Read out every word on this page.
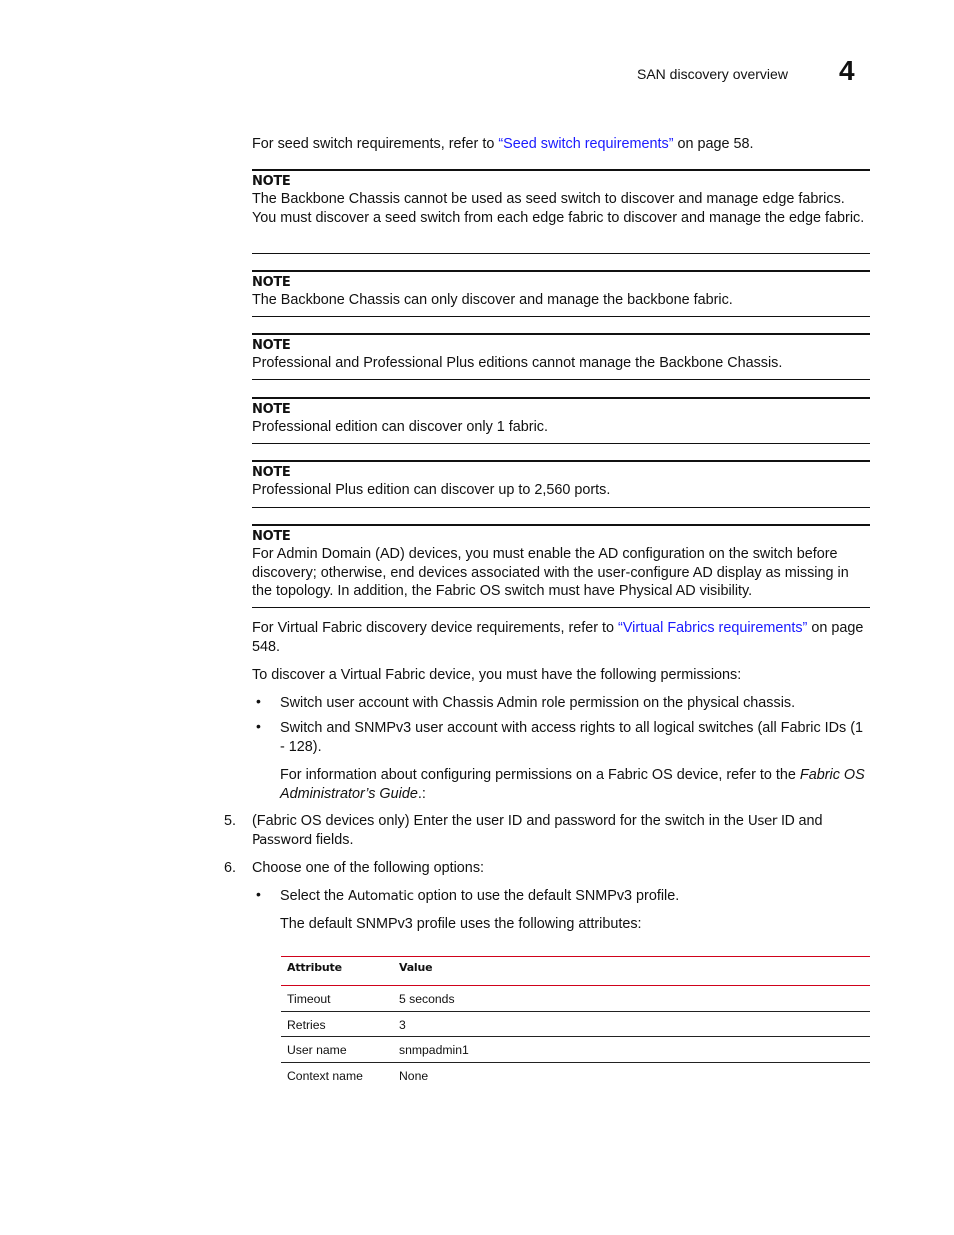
SAN discovery overview 4
For seed switch requirements, refer to “Seed switch requirements” on page 58.
NOTE
The Backbone Chassis cannot be used as seed switch to discover and manage edge fabrics. You must discover a seed switch from each edge fabric to discover and manage the edge fabric.
NOTE
The Backbone Chassis can only discover and manage the backbone fabric.
NOTE
Professional and Professional Plus editions cannot manage the Backbone Chassis.
NOTE
Professional edition can discover only 1 fabric.
NOTE
Professional Plus edition can discover up to 2,560 ports.
NOTE
For Admin Domain (AD) devices, you must enable the AD configuration on the switch before discovery; otherwise, end devices associated with the user-configure AD display as missing in the topology. In addition, the Fabric OS switch must have Physical AD visibility.
For Virtual Fabric discovery device requirements, refer to “Virtual Fabrics requirements” on page 548.
To discover a Virtual Fabric device, you must have the following permissions:
• Switch user account with Chassis Admin role permission on the physical chassis.
• Switch and SNMPv3 user account with access rights to all logical switches (all Fabric IDs (1 - 128).
For information about configuring permissions on a Fabric OS device, refer to the Fabric OS Administrator’s Guide.:
5. (Fabric OS devices only) Enter the user ID and password for the switch in the User ID and Password fields.
6. Choose one of the following options:
• Select the Automatic option to use the default SNMPv3 profile.
The default SNMPv3 profile uses the following attributes:
Attribute	Value
Timeout	5 seconds
Retries	3
User name	snmpadmin1
Context name	None
